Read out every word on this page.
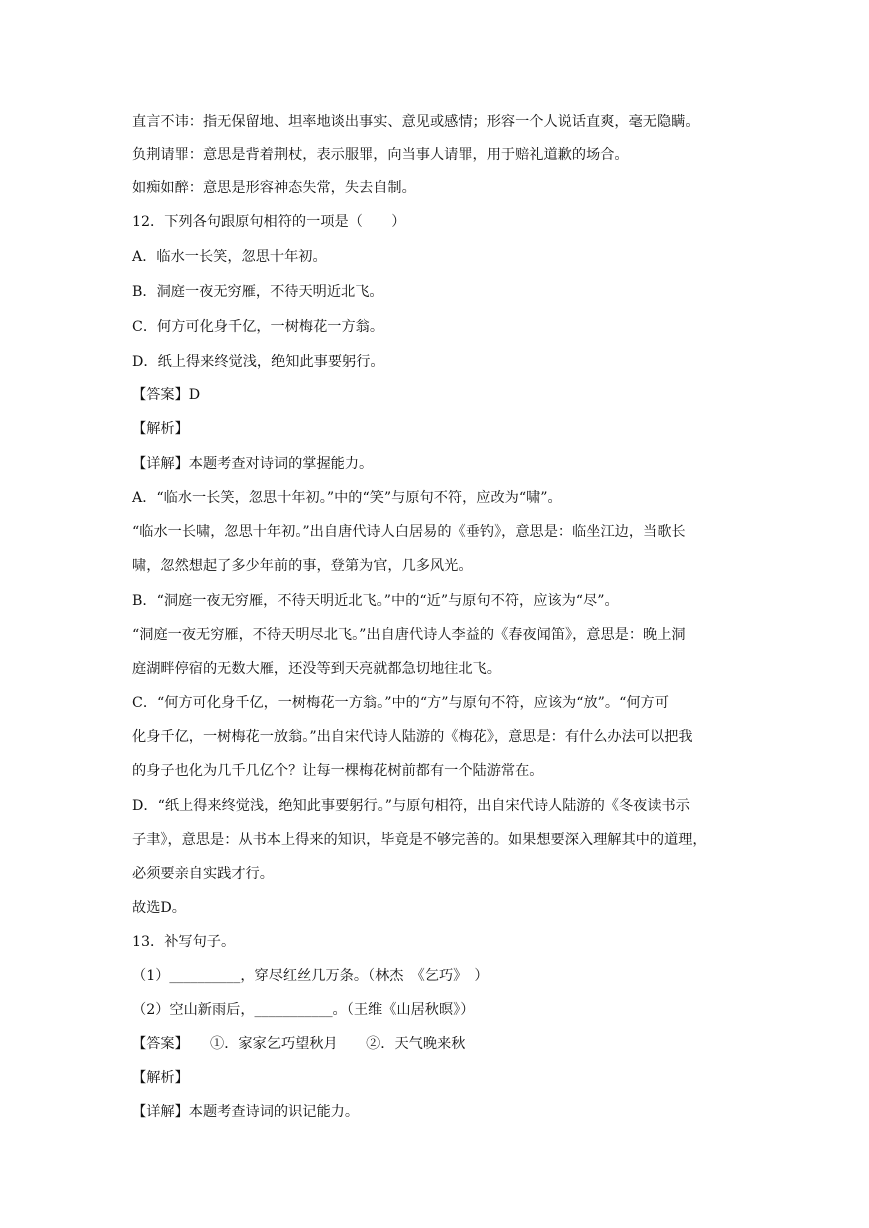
直言不讳：指无保留地、坦率地谈出事实、意见或感情；形容一个人说话直爽，毫无隐瞒。
负荆请罪：意思是背着荆杖，表示服罪，向当事人请罪，用于赔礼道歉的场合。
如痴如醉：意思是形容神态失常，失去自制。
12．下列各句跟原句相符的一项是（　　）
A．临水一长笑，忽思十年初。
B．洞庭一夜无穷雁，不待天明近北飞。
C．何方可化身千亿，一树梅花一方翁。
D．纸上得来终觉浅，绝知此事要躬行。
【答案】D
【解析】
【详解】本题考查对诗词的掌握能力。
A．“临水一长笑，忽思十年初。”中的“笑”与原句不符，应改为“啸”。
“临水一长啸，忽思十年初。”出自唐代诗人白居易的《垂钓》，意思是：临坐江边，当歌长
啸，忽然想起了多少年前的事，登第为官，几多风光。
B．“洞庭一夜无穷雁，不待天明近北飞。”中的“近”与原句不符，应该为“尽”。
“洞庭一夜无穷雁，不待天明尽北飞。”出自唐代诗人李益的《春夜闻笛》，意思是：晚上洞
庭湖畔停宿的无数大雁，还没等到天亮就都急切地往北飞。
C．“何方可化身千亿，一树梅花一方翁。”中的“方”与原句不符，应该为“放”。“何方可
化身千亿，一树梅花一放翁。”出自宋代诗人陆游的《梅花》，意思是：有什么办法可以把我
的身子也化为几千几亿个？让每一棵梅花树前都有一个陆游常在。
D．“纸上得来终觉浅，绝知此事要躬行。”与原句相符，出自宋代诗人陆游的《冬夜读书示
子聿》，意思是：从书本上得来的知识，毕竟是不够完善的。如果想要深入理解其中的道理，
必须要亲自实践才行。
故选D。
13．补写句子。
（1）__________，穿尽红丝几万条。（林杰　《乞巧》　）
（2）空山新雨后，___________。（王维《山居秋暝》）
【答案】　　①．家家乞巧望秋月　　②．天气晚来秋
【解析】
【详解】本题考查诗词的识记能力。
